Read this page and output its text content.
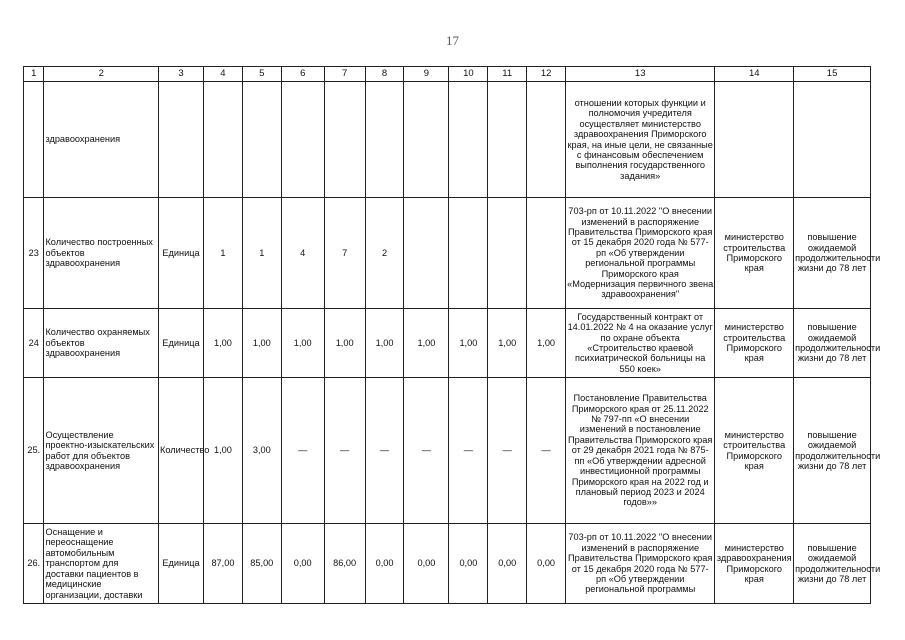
17
1	2	3	4	5	6	7	8	9	10	11	12	13	14	15
	здравоохранения											отношении которых функции и полномочия учредителя осуществляет министерство здравоохранения Приморского края, на иные цели, не связанные с финансовым обеспечением выполнения государственного задания»		
23	Количество построенных объектов здравоохранения	Единица	1	1	4	7	2					703-рп от 10.11.2022 "О внесении изменений в распоряжение Правительства Приморского края от 15 декабря 2020 года № 577-рп «Об утверждении региональной программы Приморского края «Модернизация первичного звена здравоохранения"	министерство строительства Приморского края	повышение ожидаемой продолжительности жизни до 78 лет
24	Количество охраняемых объектов здравоохранения	Единица	1,00	1,00	1,00	1,00	1,00	1,00	1,00	1,00	1,00	Государственный контракт от 14.01.2022 № 4 на оказание услуг по охране объекта «Строительство краевой психиатрической больницы на 550 коек»	министерство строительства Приморского края	повышение ожидаемой продолжительности жизни до 78 лет
25.	Осуществление проектно-изыскательских работ для объектов здравоохранения	Количество	1,00	3,00	—	—	—	—	—	—	—	Постановление Правительства Приморского края от 25.11.2022 № 797-пп «О внесении изменений в постановление Правительства Приморского края от 29 декабря 2021 года № 875-пп «Об утверждении адресной инвестиционной программы Приморского края на 2022 год и плановый период 2023 и 2024 годов»»	министерство строительства Приморского края	повышение ожидаемой продолжительности жизни до 78 лет
26.	Оснащение и переоснащение автомобильным транспортом для доставки пациентов в медицинские организации, доставки	Единица	87,00	85,00	0,00	86,00	0,00	0,00	0,00	0,00	0,00	703-рп от 10.11.2022 "О внесении изменений в распоряжение Правительства Приморского края от 15 декабря 2020 года № 577-рп «Об утверждении региональной программы	министерство здравоохранения Приморского края	повышение ожидаемой продолжительности жизни до 78 лет
